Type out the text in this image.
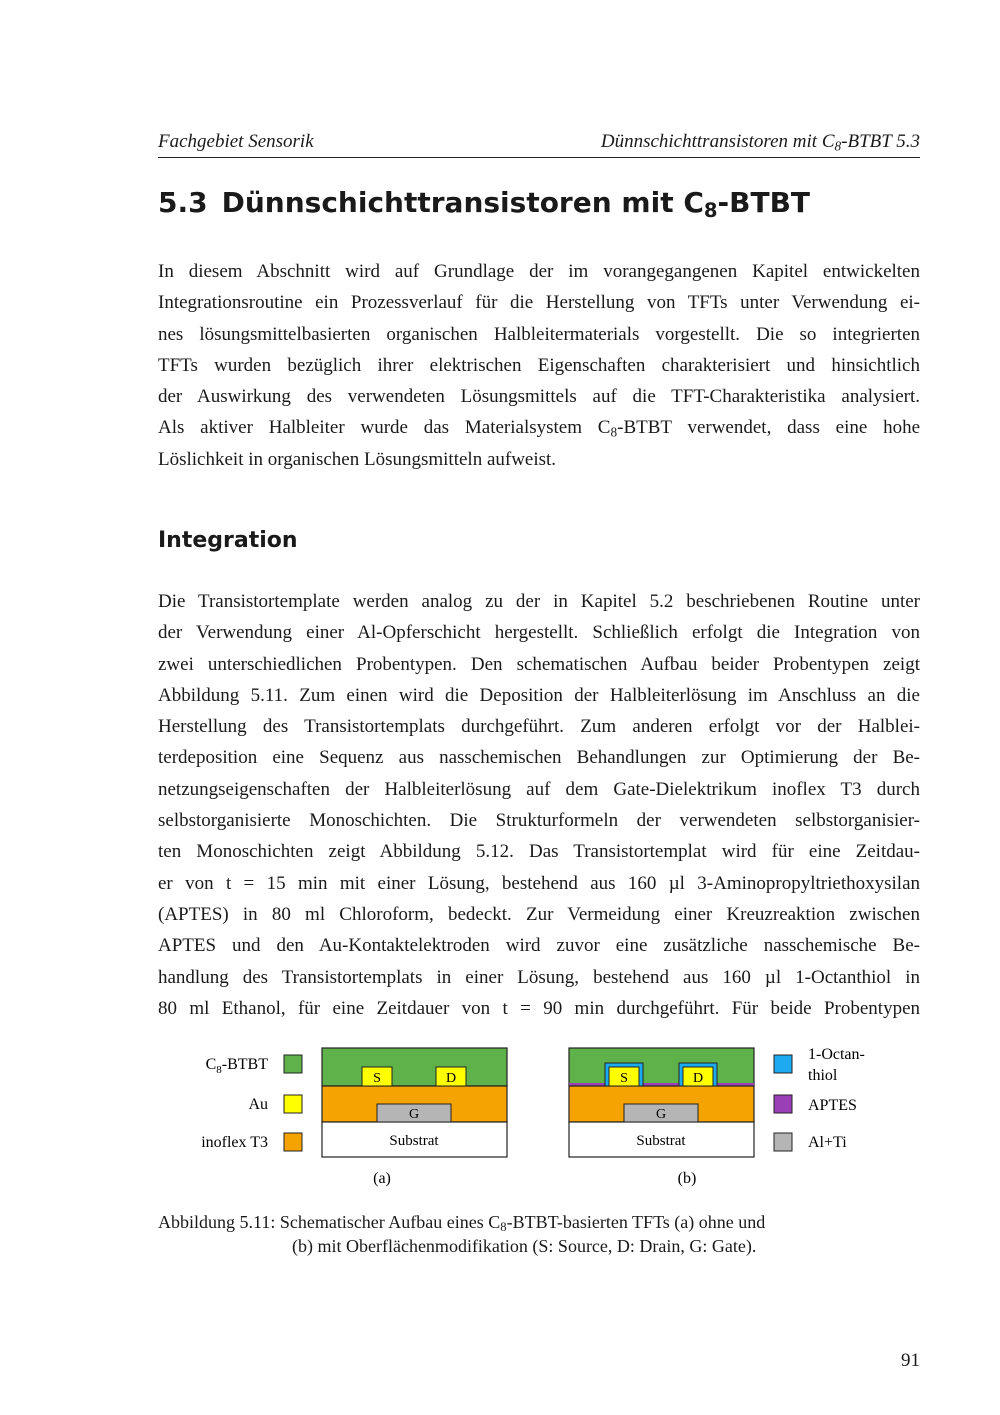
Fachgebiet Sensorik	Dünnschichttransistoren mit $C_8$-BTBT 5.3
5.3 Dünnschichttransistoren mit $C_8$-BTBT
In diesem Abschnitt wird auf Grundlage der im vorangegangenen Kapitel entwickelten
Integrationsroutine ein Prozessverlauf für die Herstellung von TFTs unter Verwendung ei-
nes lösungsmittelbasierten organischen Halbleitermaterials vorgestellt. Die so integrierten
TFTs wurden bezüglich ihrer elektrischen Eigenschaften charakterisiert und hinsichtlich
der Auswirkung des verwendeten Lösungsmittels auf die TFT-Charakteristika analysiert.
Als aktiver Halbleiter wurde das Materialsystem $C_8$-BTBT verwendet, dass eine hohe
Löslichkeit in organischen Lösungsmitteln aufweist.
Integration
Die Transistortemplate werden analog zu der in Kapitel 5.2 beschriebenen Routine unter
der Verwendung einer Al-Opferschicht hergestellt. Schließlich erfolgt die Integration von
zwei unterschiedlichen Probentypen. Den schematischen Aufbau beider Probentypen zeigt
Abbildung 5.11. Zum einen wird die Deposition der Halbleiterlösung im Anschluss an die
Herstellung des Transistortemplats durchgeführt. Zum anderen erfolgt vor der Halblei-
terdeposition eine Sequenz aus nasschemischen Behandlungen zur Optimierung der Be-
netzungseigenschaften der Halbleiterlösung auf dem Gate-Dielektrikum inoflex T3 durch
selbstorganisierte Monoschichten. Die Strukturformeln der verwendeten selbstorganisier-
ten Monoschichten zeigt Abbildung 5.12. Das Transistortemplat wird für eine Zeitdau-
er von t = 15 min mit einer Lösung, bestehend aus 160 µl 3-Aminopropyltriethoxysilan
(APTES) in 80 ml Chloroform, bedeckt. Zur Vermeidung einer Kreuzreaktion zwischen
APTES und den Au-Kontaktelektroden wird zuvor eine zusätzliche nasschemische Be-
handlung des Transistortemplats in einer Lösung, bestehend aus 160 µl 1-Octanthiol in
80 ml Ethanol, für eine Zeitdauer von t = 90 min durchgeführt. Für beide Probentypen
$C_8$-BTBT
Au
inoflex T3
S	D
G
Substrat
(a)
S	D
G
Substrat
(b)
1-Octan-
thiol
APTES
Al+Ti
Abbildung 5.11: Schematischer Aufbau eines $C_8-BTBT$-basierten TFTs (a) ohne und
(b) mit Oberflächenmodifikation (S: Source, D: Drain, G: Gate).
91
